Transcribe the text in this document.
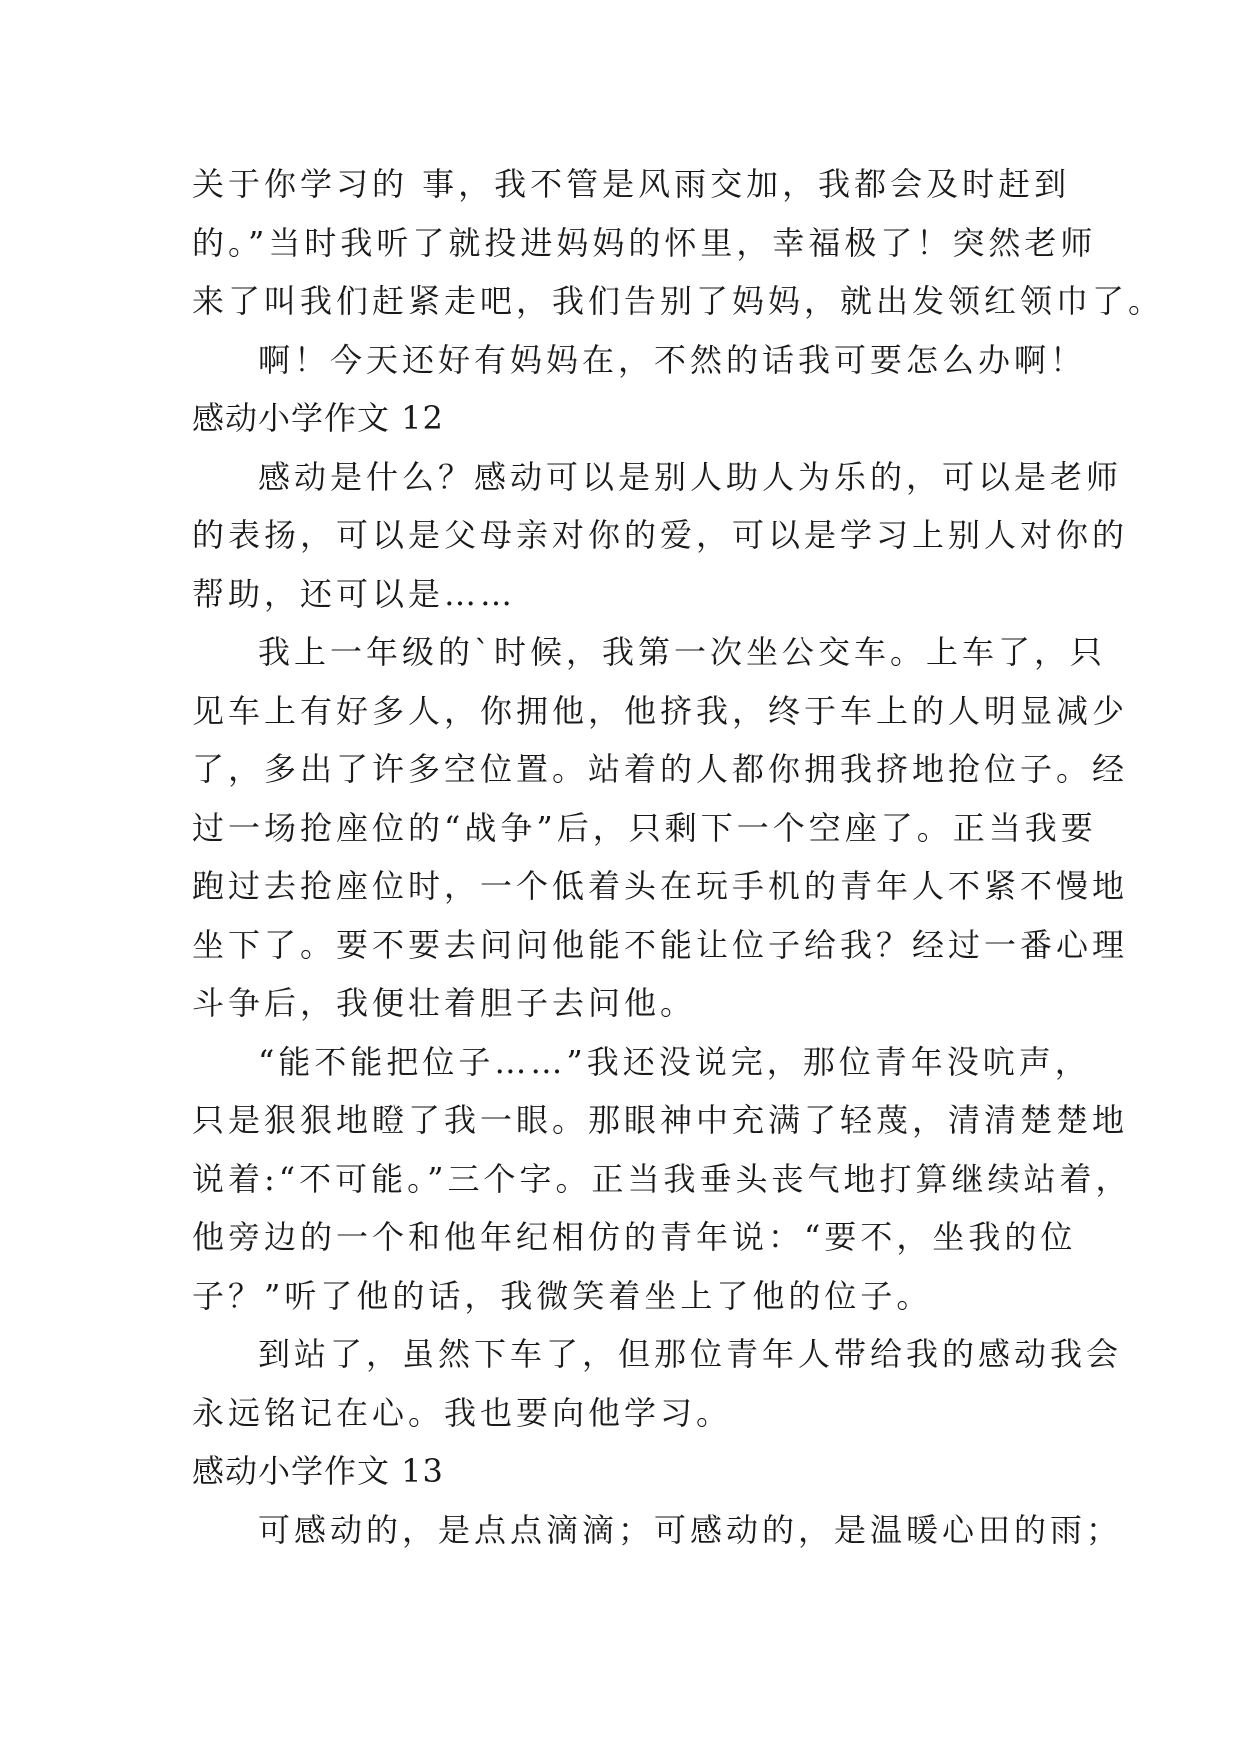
关于你学习的 事，我不管是风雨交加，我都会及时赶到
的。”当时我听了就投进妈妈的怀里，幸福极了！突然老师
来了叫我们赶紧走吧，我们告别了妈妈，就出发领红领巾了。
啊！今天还好有妈妈在，不然的话我可要怎么办啊！
感动小学作文 12
感动是什么？感动可以是别人助人为乐的，可以是老师
的表扬，可以是父母亲对你的爱，可以是学习上别人对你的
帮助，还可以是……
我上一年级的`时候，我第一次坐公交车。上车了，只
见车上有好多人，你拥他，他挤我，终于车上的人明显减少
了，多出了许多空位置。站着的人都你拥我挤地抢位子。经
过一场抢座位的“战争”后，只剩下一个空座了。正当我要
跑过去抢座位时，一个低着头在玩手机的青年人不紧不慢地
坐下了。要不要去问问他能不能让位子给我？经过一番心理
斗争后，我便壮着胆子去问他。
“能不能把位子……”我还没说完，那位青年没吭声，
只是狠狠地瞪了我一眼。那眼神中充满了轻蔑，清清楚楚地
说着:“不可能。”三个字。正当我垂头丧气地打算继续站着，
他旁边的一个和他年纪相仿的青年说：“要不，坐我的位
子？”听了他的话，我微笑着坐上了他的位子。
到站了，虽然下车了，但那位青年人带给我的感动我会
永远铭记在心。我也要向他学习。
感动小学作文 13
可感动的，是点点滴滴；可感动的，是温暖心田的雨；
